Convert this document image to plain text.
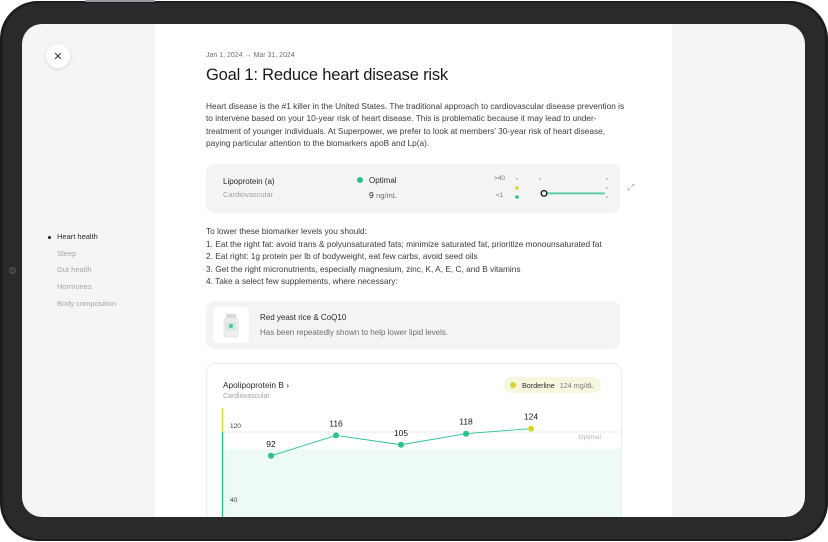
✕
Heart health
Sleep
Gut health
Hormones
Body composition
Jan 1, 2024 → Mar 31, 2024
Goal 1: Reduce heart disease risk
Heart disease is the #1 killer in the United States. The traditional approach to cardiovascular disease prevention is to intervene based on your 10-year risk of heart disease. This is problematic because it may lead to under-treatment of younger individuals. At Superpower, we prefer to look at members’ 30-year risk of heart disease, paying particular attention to the biomarkers apoB and Lp(a).
Lipoprotein (a)
Cardiovascular
Optimal
9 ng/mL
>40
<1
⤢
To lower these biomarker levels you should:
1. Eat the right fat: avoid trans & polyunsaturated fats; minimize saturated fat, prioritize monounsaturated fat
2. Eat right: 1g protein per lb of bodyweight, eat few carbs, avoid seed oils
3. Get the right micronutrients, especially magnesium, zinc, K, A, E, C, and B vitamins
4. Take a select few supplements, where necessary:
Red yeast rice & CoQ10
Has been repeatedly shown to help lower lipid levels.
Apolipoprotein B ›
Cardiovascular
Borderline 124 mg/dL
Optimal
120
40
92
116
105
118
124
